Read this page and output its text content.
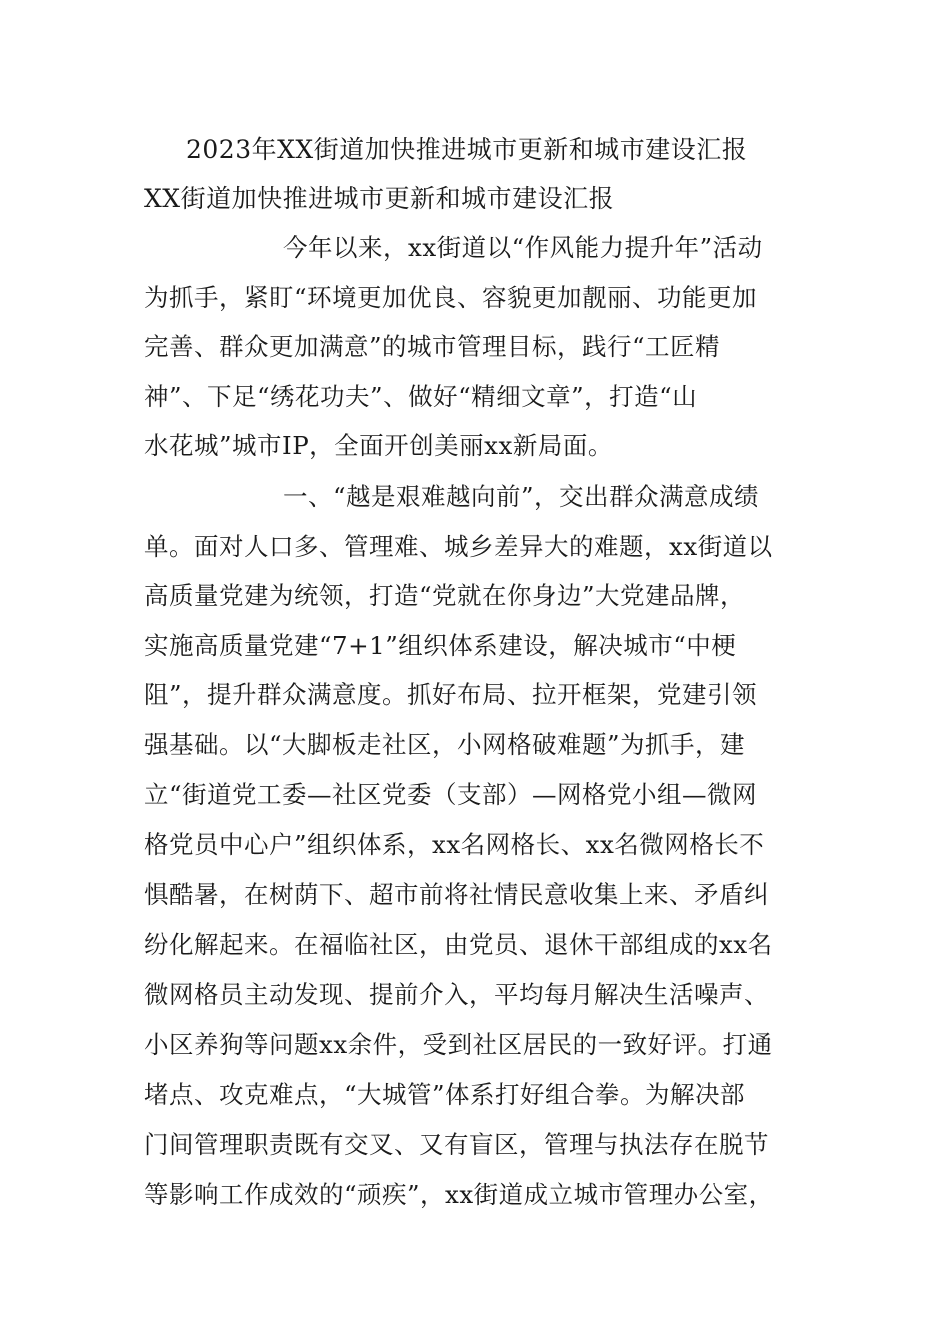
2023年XX街道加快推进城市更新和城市建设汇报
XX街道加快推进城市更新和城市建设汇报
今年以来，xx街道以“作风能力提升年”活动
为抓手，紧盯“环境更加优良、容貌更加靓丽、功能更加
完善、群众更加满意”的城市管理目标，践行“工匠精
神”、下足“绣花功夫”、做好“精细文章”，打造“山
水花城”城市IP，全面开创美丽xx新局面。
一、“越是艰难越向前”，交出群众满意成绩
单。面对人口多、管理难、城乡差异大的难题，xx街道以
高质量党建为统领，打造“党就在你身边”大党建品牌，
实施高质量党建“7+1”组织体系建设，解决城市“中梗
阻”，提升群众满意度。抓好布局、拉开框架，党建引领
强基础。以“大脚板走社区，小网格破难题”为抓手，建
立“街道党工委—社区党委（支部）—网格党小组—微网
格党员中心户”组织体系，xx名网格长、xx名微网格长不
惧酷暑，在树荫下、超市前将社情民意收集上来、矛盾纠
纷化解起来。在福临社区，由党员、退休干部组成的xx名
微网格员主动发现、提前介入，平均每月解决生活噪声、
小区养狗等问题xx余件，受到社区居民的一致好评。打通
堵点、攻克难点，“大城管”体系打好组合拳。为解决部
门间管理职责既有交叉、又有盲区，管理与执法存在脱节
等影响工作成效的“顽疾”，xx街道成立城市管理办公室，
